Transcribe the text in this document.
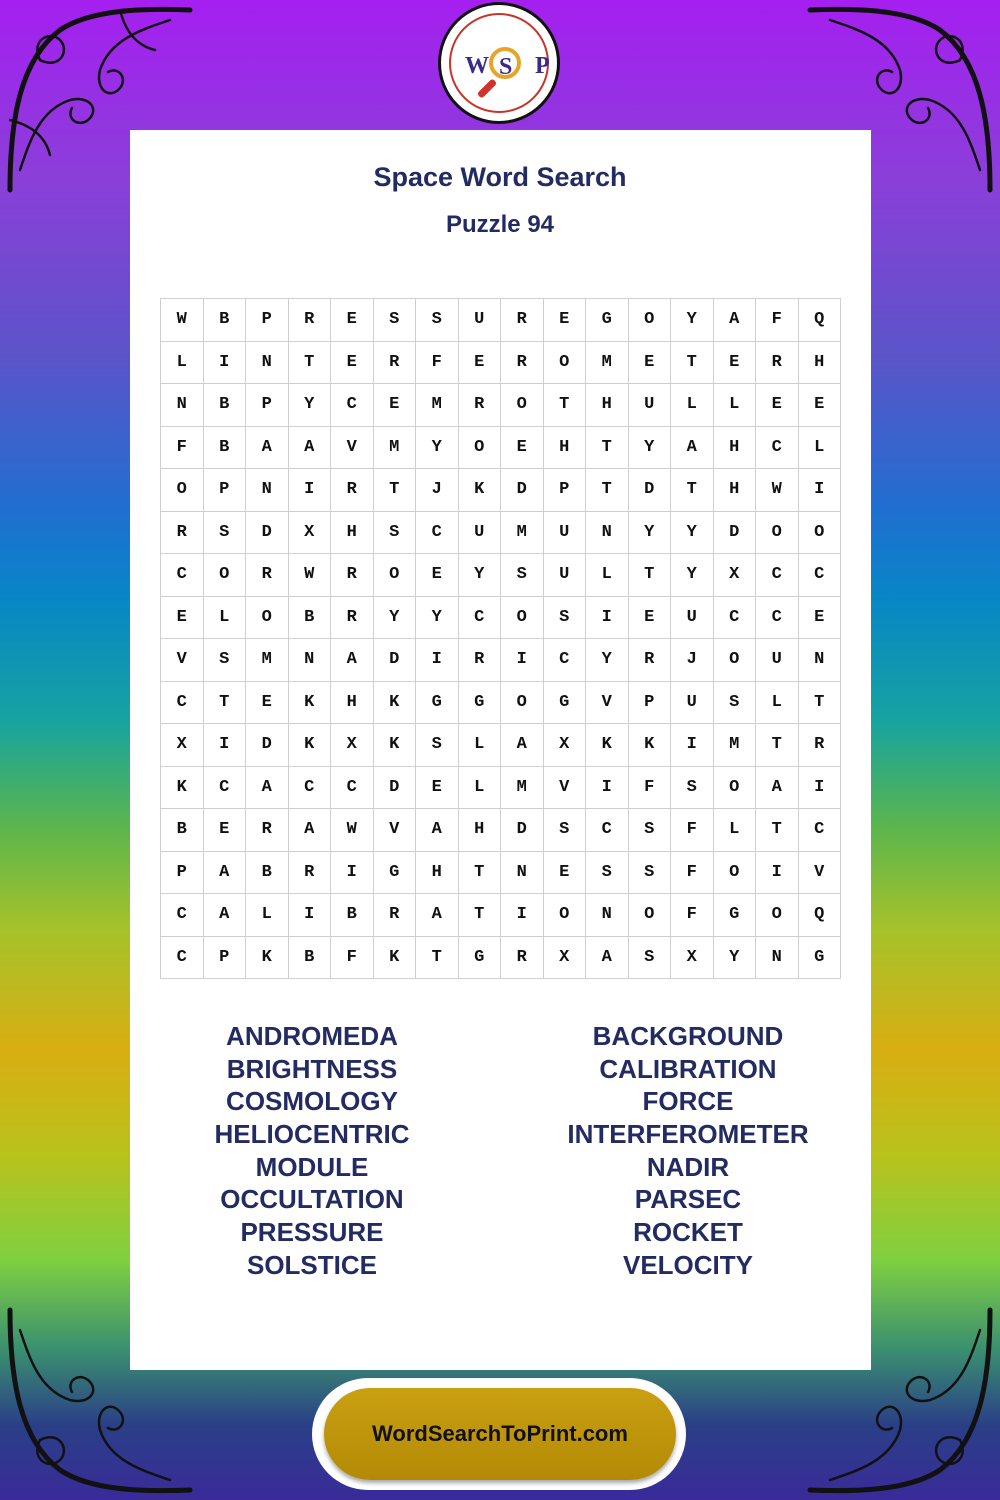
W S P
Space Word Search
Puzzle 94
W	B	P	R	E	S	S	U	R	E	G	O	Y	A	F	Q
L	I	N	T	E	R	F	E	R	O	M	E	T	E	R	H
N	B	P	Y	C	E	M	R	O	T	H	U	L	L	E	E
F	B	A	A	V	M	Y	O	E	H	T	Y	A	H	C	L
O	P	N	I	R	T	J	K	D	P	T	D	T	H	W	I
R	S	D	X	H	S	C	U	M	U	N	Y	Y	D	O	O
C	O	R	W	R	O	E	Y	S	U	L	T	Y	X	C	C
E	L	O	B	R	Y	Y	C	O	S	I	E	U	C	C	E
V	S	M	N	A	D	I	R	I	C	Y	R	J	O	U	N
C	T	E	K	H	K	G	G	O	G	V	P	U	S	L	T
X	I	D	K	X	K	S	L	A	X	K	K	I	M	T	R
K	C	A	C	C	D	E	L	M	V	I	F	S	O	A	I
B	E	R	A	W	V	A	H	D	S	C	S	F	L	T	C
P	A	B	R	I	G	H	T	N	E	S	S	F	O	I	V
C	A	L	I	B	R	A	T	I	O	N	O	F	G	O	Q
C	P	K	B	F	K	T	G	R	X	A	S	X	Y	N	G
ANDROMEDA
BRIGHTNESS
COSMOLOGY
HELIOCENTRIC
MODULE
OCCULTATION
PRESSURE
SOLSTICE
BACKGROUND
CALIBRATION
FORCE
INTERFEROMETER
NADIR
PARSEC
ROCKET
VELOCITY
WordSearchToPrint.com
